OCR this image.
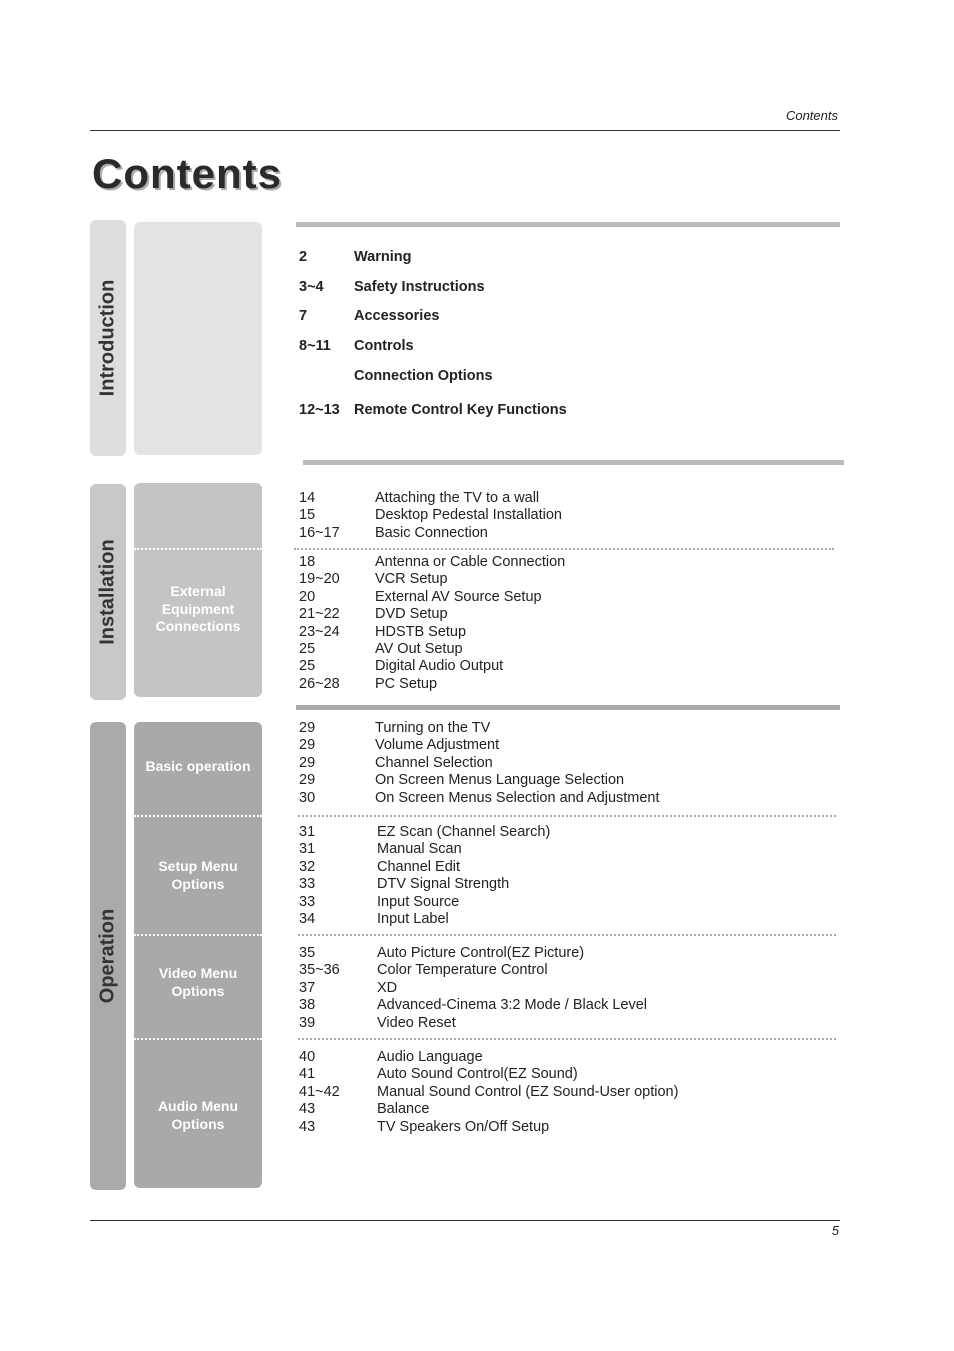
Contents
Contents
Introduction
2	Warning
3~4 Safety Instructions
7	Accessories
8~11 Controls
Connection Options
12~13 Remote Control Key Functions
Installation	External Equipment Connections
14	Attaching the TV to a wall
15	Desktop Pedestal Installation
16~17 Basic Connection
18	Antenna or Cable Connection
19~20 VCR Setup
20	External AV Source Setup
21~22 DVD Setup
23~24 HDSTB Setup
25	AV Out Setup
25	Digital Audio Output
26~28 PC Setup
Operation
Basic operation
Setup Menu Options
Video Menu Options
Audio Menu Options
29	Turning on the TV
29	Volume Adjustment
29	Channel Selection
29	On Screen Menus Language Selection
30	On Screen Menus Selection and Adjustment
31	EZ Scan (Channel Search)
31	Manual Scan
32	Channel Edit
33	DTV Signal Strength
33	Input Source
34	Input Label
35	Auto Picture Control(EZ Picture)
35~36	Color Temperature Control
37	XD
38	Advanced-Cinema 3:2 Mode / Black Level
39	Video Reset
40	Audio Language
41	Auto Sound Control(EZ Sound)
41~42	Manual Sound Control (EZ Sound-User option)
43	Balance
43	TV Speakers On/Off Setup
5
